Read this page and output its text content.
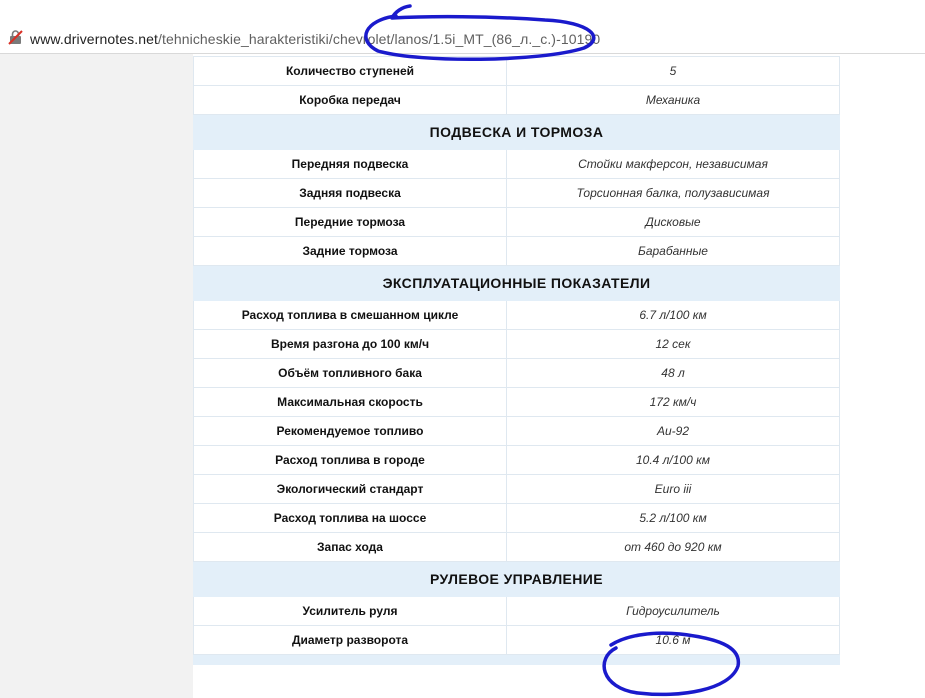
www.drivernotes.net/tehnicheskie_harakteristiki/chevrolet/lanos/1.5i_MT_(86_л._с.)-10190
Количество ступеней	5
Коробка передач	Механика
ПОДВЕСКА И ТОРМОЗА	
Передняя подвеска	Стойки макферсон, независимая
Задняя подвеска	Торсионная балка, полузависимая
Передние тормоза	Дисковые
Задние тормоза	Барабанные
ЭКСПЛУАТАЦИОННЫЕ ПОКАЗАТЕЛИ	
Расход топлива в смешанном цикле	6.7 л/100 км
Время разгона до 100 км/ч	12 сек
Объём топливного бака	48 л
Максимальная скорость	172 км/ч
Рекомендуемое топливо	Аи-92
Расход топлива в городе	10.4 л/100 км
Экологический стандарт	Euro iii
Расход топлива на шоссе	5.2 л/100 км
Запас хода	от 460 до 920 км
РУЛЕВОЕ УПРАВЛЕНИЕ	
Усилитель руля	Гидроусилитель
Диаметр разворота	10.6 м
